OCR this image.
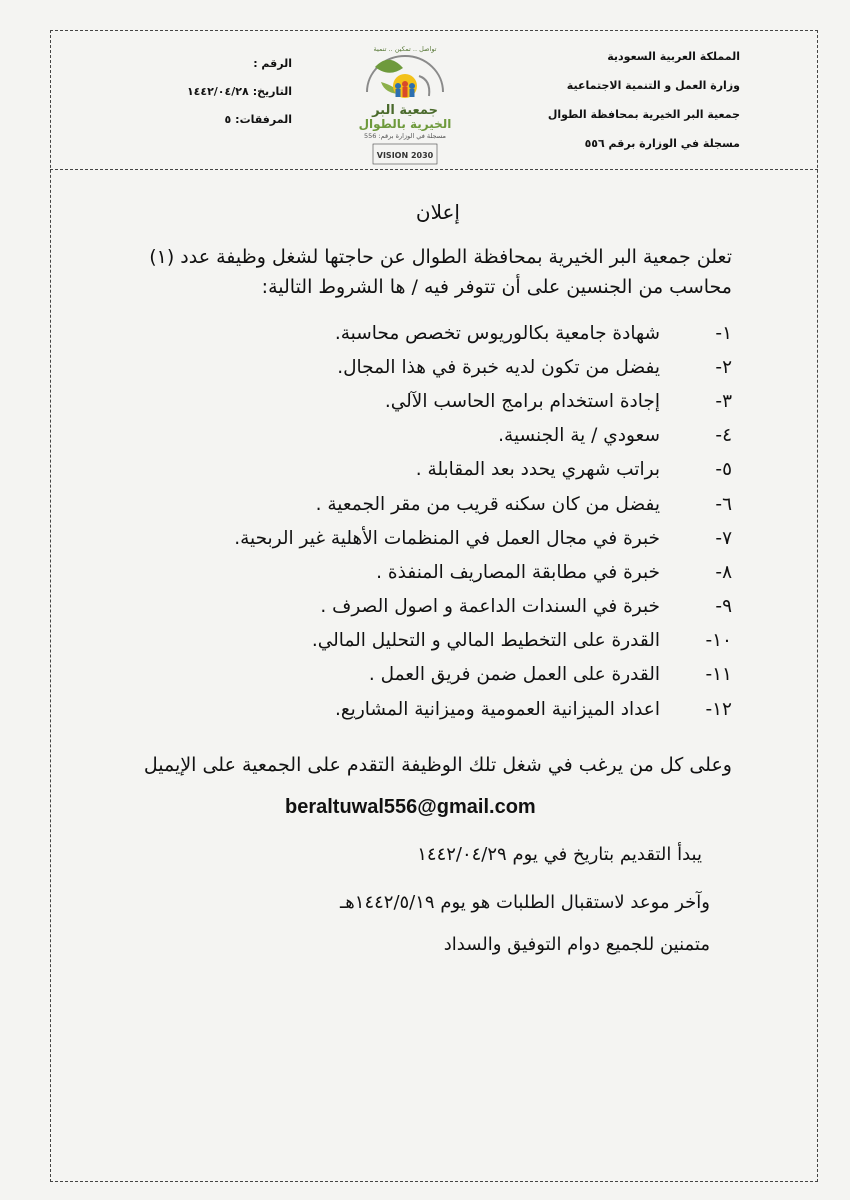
المملكة العربية السعودية
وزارة العمل و التنمية الاجتماعية
جمعية البر الخيرية بمحافظة الطوال
مسجلة في الوزارة برقم ٥٥٦
تواصل .. تمكين .. تنمية
جمعية البر
الخيرية بالطوال
مسجلة في الوزارة برقم: 556
VISION 2030
الرقم :
التاريخ:١٤٤٢/٠٤/٢٨
المرفقات:٥
إعلان
تعلن جمعية البر الخيرية بمحافظة الطوال عن حاجتها لشغل وظيفة عدد (١) محاسب من الجنسين على أن تتوفر فيه / ها الشروط التالية:
١-
شهادة جامعية بكالوريوس تخصص محاسبة.
٢-
يفضل من تكون لديه خبرة في هذا المجال.
٣-
إجادة استخدام برامج الحاسب الآلي.
٤-
سعودي / ية الجنسية.
٥-
براتب شهري يحدد بعد المقابلة .
٦-
يفضل من كان سكنه قريب من مقر الجمعية .
٧-
خبرة في مجال العمل في المنظمات الأهلية غير الربحية.
٨-
خبرة في مطابقة المصاريف المنفذة .
٩-
خبرة في السندات الداعمة و اصول الصرف .
١٠-
القدرة على التخطيط المالي و التحليل المالي.
١١-
القدرة على العمل ضمن فريق العمل .
١٢-
اعداد الميزانية العمومية وميزانية المشاريع.
وعلى كل من يرغب في شغل تلك الوظيفة التقدم على الجمعية على الإيميل
beraltuwal556@gmail.com
يبدأ التقديم بتاريخ في يوم ١٤٤٢/٠٤/٢٩
وآخر موعد لاستقبال الطلبات هو يوم ١٤٤٢/٥/١٩هـ
متمنين للجميع دوام التوفيق والسداد
